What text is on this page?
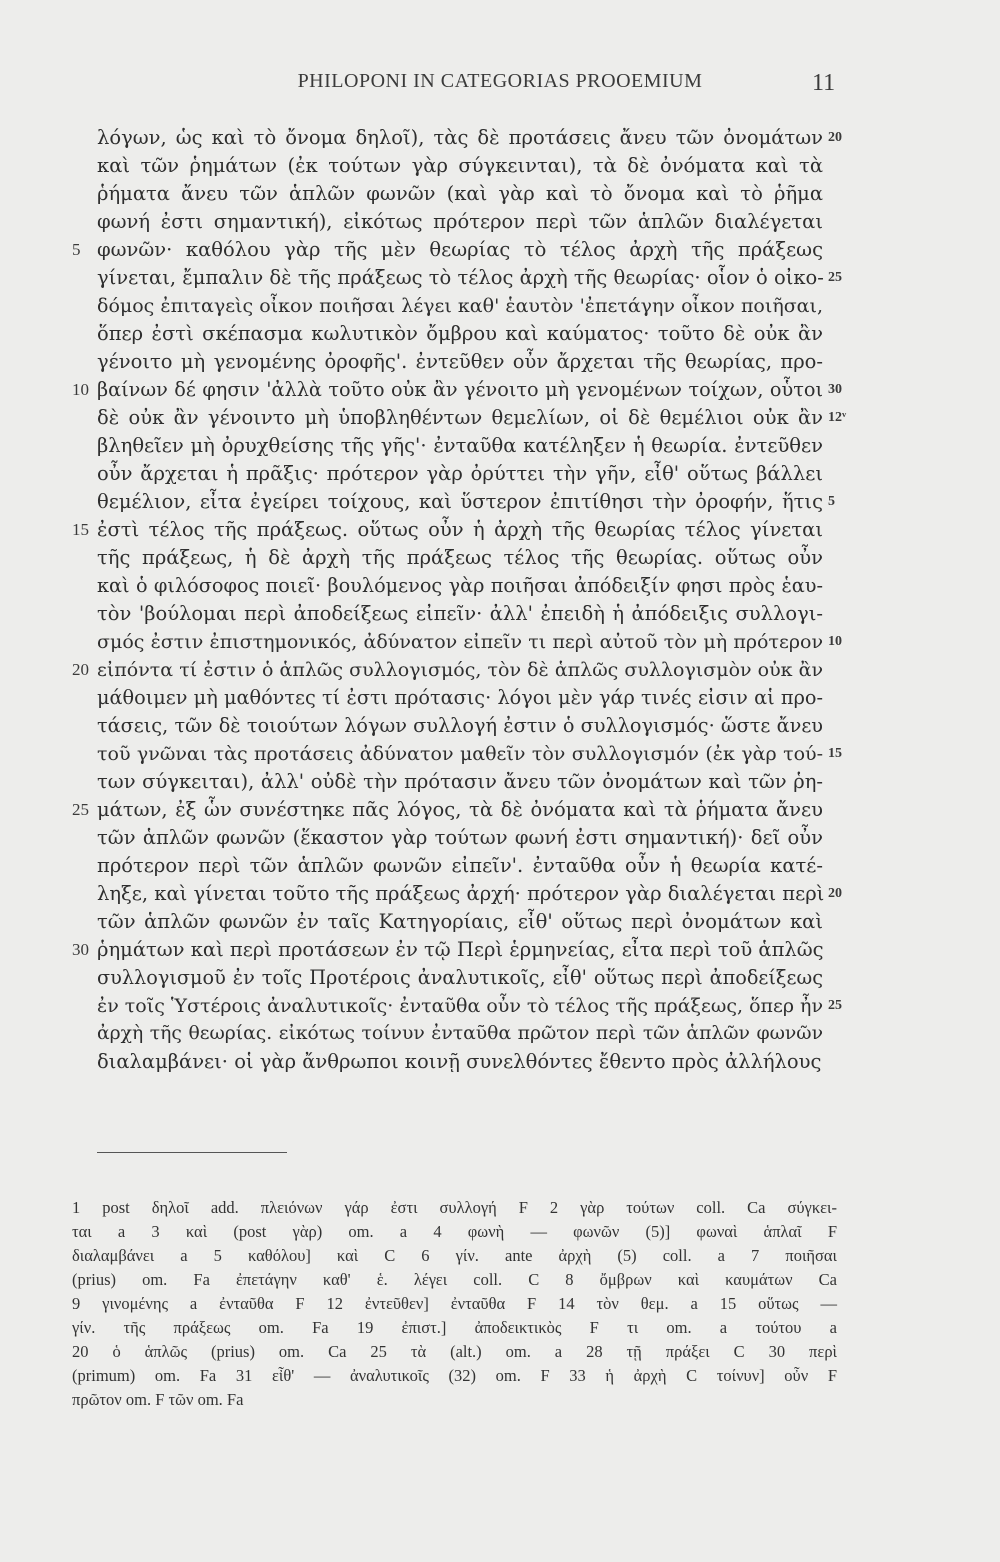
PHILOPONI IN CATEGORIAS PROOEMIUM	11
λόγων, ὡς καὶ τὸ ὄνομα δηλοῖ), τὰς δὲ προτάσεις ἄνευ τῶν ὀνομάτων
καὶ τῶν ῥημάτων (ἐκ τούτων γὰρ σύγκεινται), τὰ δὲ ὀνόματα καὶ τὰ
ῥήματα ἄνευ τῶν ἁπλῶν φωνῶν (καὶ γὰρ καὶ τὸ ὄνομα καὶ τὸ ῥῆμα
φωνή ἐστι σημαντική), εἰκότως πρότερον περὶ τῶν ἁπλῶν διαλέγεται
φωνῶν· καθόλου γὰρ τῆς μὲν θεωρίας τὸ τέλος ἀρχὴ τῆς πράξεως
γίνεται, ἔμπαλιν δὲ τῆς πράξεως τὸ τέλος ἀρχὴ τῆς θεωρίας· οἷον ὁ οἰκο-
δόμος ἐπιταγεὶς οἶκον ποιῆσαι λέγει καθ' ἑαυτὸν 'ἐπετάγην οἶκον ποιῆσαι,
ὅπερ ἐστὶ σκέπασμα κωλυτικὸν ὄμβρου καὶ καύματος· τοῦτο δὲ οὐκ ἂν
γένοιτο μὴ γενομένης ὀροφῆς'. ἐντεῦθεν οὖν ἄρχεται τῆς θεωρίας, προ-
βαίνων δέ φησιν 'ἀλλὰ τοῦτο οὐκ ἂν γένοιτο μὴ γενομένων τοίχων, οὗτοι
δὲ οὐκ ἂν γένοιντο μὴ ὑποβληθέντων θεμελίων, οἱ δὲ θεμέλιοι οὐκ ἂν
βληθεῖεν μὴ ὀρυχθείσης τῆς γῆς'· ἐνταῦθα κατέληξεν ἡ θεωρία. ἐντεῦθεν
οὖν ἄρχεται ἡ πρᾶξις· πρότερον γὰρ ὀρύττει τὴν γῆν, εἶθ' οὕτως βάλλει
θεμέλιον, εἶτα ἐγείρει τοίχους, καὶ ὕστερον ἐπιτίθησι τὴν ὀροφήν, ἥτις
ἐστὶ τέλος τῆς πράξεως. οὕτως οὖν ἡ ἀρχὴ τῆς θεωρίας τέλος γίνεται
τῆς πράξεως, ἡ δὲ ἀρχὴ τῆς πράξεως τέλος τῆς θεωρίας. οὕτως οὖν
καὶ ὁ φιλόσοφος ποιεῖ· βουλόμενος γὰρ ποιῆσαι ἀπόδειξίν φησι πρὸς ἑαυ-
τὸν 'βούλομαι περὶ ἀποδείξεως εἰπεῖν· ἀλλ' ἐπειδὴ ἡ ἀπόδειξις συλλογι-
σμός ἐστιν ἐπιστημονικός, ἀδύνατον εἰπεῖν τι περὶ αὐτοῦ τὸν μὴ πρότερον
εἰπόντα τί ἐστιν ὁ ἁπλῶς συλλογισμός, τὸν δὲ ἁπλῶς συλλογισμὸν οὐκ ἂν
μάθοιμεν μὴ μαθόντες τί ἐστι πρότασις· λόγοι μὲν γάρ τινές εἰσιν αἱ προ-
τάσεις, τῶν δὲ τοιούτων λόγων συλλογή ἐστιν ὁ συλλογισμός· ὥστε ἄνευ
τοῦ γνῶναι τὰς προτάσεις ἀδύνατον μαθεῖν τὸν συλλογισμόν (ἐκ γὰρ τού-
των σύγκειται), ἀλλ' οὐδὲ τὴν πρότασιν ἄνευ τῶν ὀνομάτων καὶ τῶν ῥη-
μάτων, ἐξ ὧν συνέστηκε πᾶς λόγος, τὰ δὲ ὀνόματα καὶ τὰ ῥήματα ἄνευ
τῶν ἁπλῶν φωνῶν (ἕκαστον γὰρ τούτων φωνή ἐστι σημαντική)· δεῖ οὖν
πρότερον περὶ τῶν ἁπλῶν φωνῶν εἰπεῖν'. ἐνταῦθα οὖν ἡ θεωρία κατέ-
ληξε, καὶ γίνεται τοῦτο τῆς πράξεως ἀρχή· πρότερον γὰρ διαλέγεται περὶ
τῶν ἁπλῶν φωνῶν ἐν ταῖς Κατηγορίαις, εἶθ' οὕτως περὶ ὀνομάτων καὶ
ῥημάτων καὶ περὶ προτάσεων ἐν τῷ Περὶ ἑρμηνείας, εἶτα περὶ τοῦ ἁπλῶς
συλλογισμοῦ ἐν τοῖς Προτέροις ἀναλυτικοῖς, εἶθ' οὕτως περὶ ἀποδείξεως
ἐν τοῖς Ὑστέροις ἀναλυτικοῖς· ἐνταῦθα οὖν τὸ τέλος τῆς πράξεως, ὅπερ ἦν
ἀρχὴ τῆς θεωρίας. εἰκότως τοίνυν ἐνταῦθα πρῶτον περὶ τῶν ἁπλῶν φωνῶν
διαλαμβάνει· οἱ γὰρ ἄνθρωποι κοινῇ συνελθόντες ἔθεντο πρὸς ἀλλήλους
5
10
15
20
25
30
20
25
30
12ᵛ
5
10
15
20
25
1 post δηλοῖ add. πλειόνων γάρ ἐστι συλλογή F 2 γὰρ τούτων coll. Ca σύγκει-
ται a 3 καὶ (post γὰρ) om. a 4 φωνὴ — φωνῶν (5)] φωναὶ ἁπλαῖ F
διαλαμβάνει a 5 καθόλου] καὶ C 6 γίν. ante ἀρχὴ (5) coll. a 7 ποιῆσαι
(prius) om. Fa ἐπετάγην καθ' ἑ. λέγει coll. C 8 ὄμβρων καὶ καυμάτων Ca
9 γινομένης a ἐνταῦθα F 12 ἐντεῦθεν] ἐνταῦθα F 14 τὸν θεμ. a 15 οὕτως —
γίν. τῆς πράξεως om. Fa 19 ἐπιστ.] ἀποδεικτικὸς F τι om. a τούτου a
20 ὁ ἁπλῶς (prius) om. Ca 25 τὰ (alt.) om. a 28 τῇ πράξει C 30 περὶ
(primum) om. Fa 31 εἶθ' — ἀναλυτικοῖς (32) om. F 33 ἡ ἀρχὴ C τοίνυν] οὖν F
πρῶτον om. F τῶν om. Fa
